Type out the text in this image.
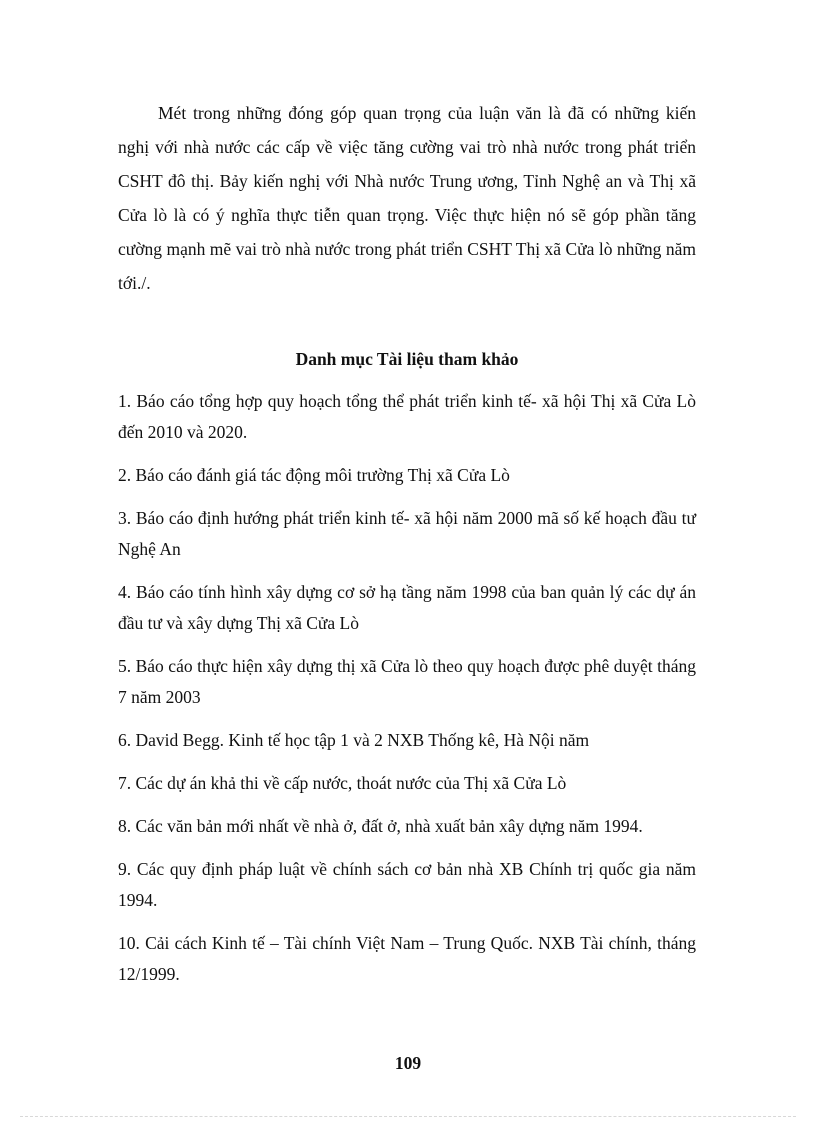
Mét trong những đóng góp quan trọng của luận văn là đã có những kiến nghị với nhà nước các cấp về việc tăng cường vai trò nhà nước trong phát triển CSHT đô thị. Bảy kiến nghị với Nhà nước Trung ương, Tỉnh Nghệ an và Thị xã Cửa lò là có ý nghĩa thực tiễn quan trọng. Việc thực hiện nó sẽ góp phần tăng cường mạnh mẽ vai trò nhà nước trong phát triển CSHT Thị xã Cửa lò những năm tới./.

Danh mục Tài liệu tham khảo
1. Báo cáo tổng hợp quy hoạch tổng thể phát triển kinh tế- xã hội Thị xã Cửa Lò đến 2010 và 2020.
2. Báo cáo đánh giá tác động môi trường Thị xã Cửa Lò
3. Báo cáo định hướng phát triển kinh tế- xã hội năm 2000 mã số kế hoạch đầu tư Nghệ An
4. Báo cáo tính hình xây dựng cơ sở hạ tầng năm 1998 của ban quản lý các dự án đầu tư và xây dựng Thị xã Cửa Lò
5. Báo cáo thực hiện xây dựng thị xã Cửa lò theo quy hoạch được phê duyệt tháng 7 năm 2003
6. David Begg. Kinh tế học tập 1 và 2 NXB Thống kê, Hà Nội năm
7. Các dự án khả thi về cấp nước, thoát nước của Thị xã Cửa Lò
8. Các văn bản mới nhất về nhà ở, đất ở, nhà xuất bản xây dựng năm 1994.
9. Các quy định pháp luật về chính sách cơ bản nhà XB Chính trị quốc gia năm 1994.
10. Cải cách Kinh tế – Tài chính Việt Nam – Trung Quốc. NXB Tài chính, tháng 12/1999.
109
